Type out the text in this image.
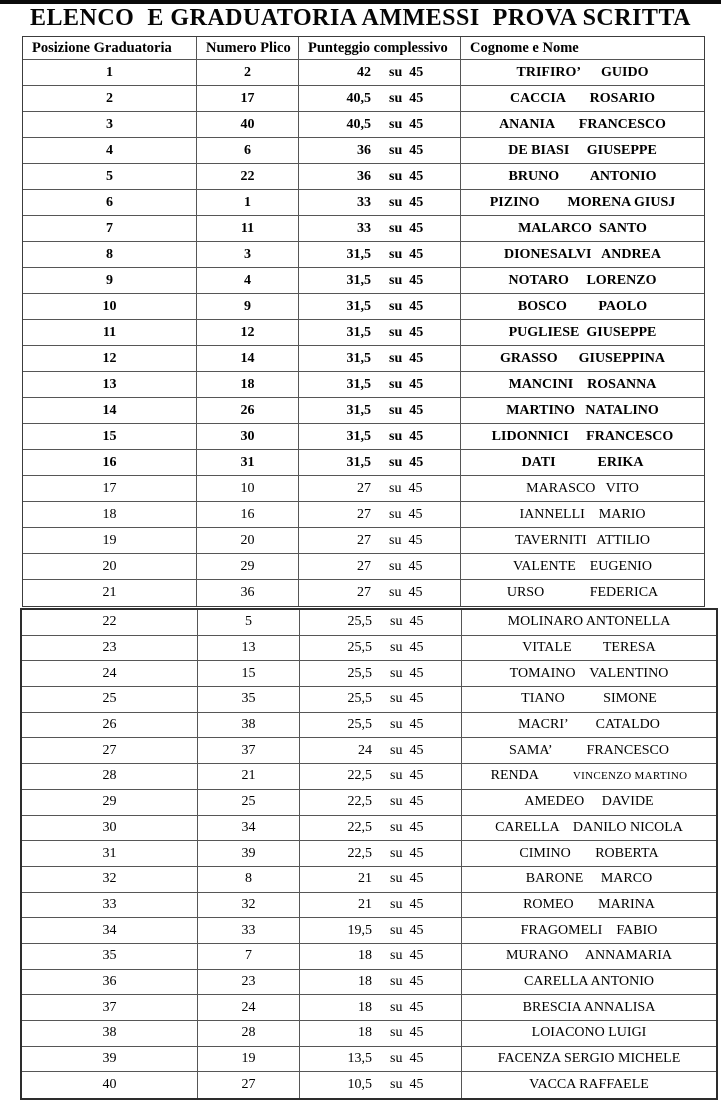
ELENCO  E GRADUATORIA AMMESSI  PROVA SCRITTA
Posizione Graduatoria	Numero Plico	Punteggio complessivo	Cognome e Nome
1	2	42 su  45	TRIFIRO’      GUIDO
2	17	40,5 su  45	CACCIA       ROSARIO
3	40	40,5 su  45	ANANIA       FRANCESCO
4	6	36 su  45	DE BIASI     GIUSEPPE
5	22	36 su  45	BRUNO         ANTONIO
6	1	33 su  45	PIZINO        MORENA GIUSJ
7	11	33 su  45	MALARCO  SANTO
8	3	31,5 su  45	DIONESALVI   ANDREA
9	4	31,5 su  45	NOTARO     LORENZO
10	9	31,5 su  45	BOSCO         PAOLO
11	12	31,5 su  45	PUGLIESE  GIUSEPPE
12	14	31,5 su  45	GRASSO      GIUSEPPINA
13	18	31,5 su  45	MANCINI    ROSANNA
14	26	31,5 su  45	MARTINO   NATALINO
15	30	31,5 su  45	LIDONNICI     FRANCESCO
16	31	31,5 su  45	DATI            ERIKA
17	10	27 su  45	MARASCO   VITO
18	16	27 su  45	IANNELLI    MARIO
19	20	27 su  45	TAVERNITI   ATTILIO
20	29	27 su  45	VALENTE    EUGENIO
21	36	27 su  45	URSO             FEDERICA
22	5	25,5 su  45	MOLINARO ANTONELLA
23	13	25,5 su  45	VITALE         TERESA
24	15	25,5 su  45	TOMAINO    VALENTINO
25	35	25,5 su  45	TIANO           SIMONE
26	38	25,5 su  45	MACRI’        CATALDO
27	37	24 su  45	SAMA’          FRANCESCO
28	21	22,5 su  45	RENDA	VINCENZO MARTINO
29	25	22,5 su  45	AMEDEO     DAVIDE
30	34	22,5 su  45	CARELLA    DANILO NICOLA
31	39	22,5 su  45	CIMINO       ROBERTA
32	8	21 su  45	BARONE     MARCO
33	32	21 su  45	ROMEO       MARINA
34	33	19,5 su  45	FRAGOMELI    FABIO
35	7	18 su  45	MURANO     ANNAMARIA
36	23	18 su  45	CARELLA ANTONIO
37	24	18 su  45	BRESCIA ANNALISA
38	28	18 su  45	LOIACONO LUIGI
39	19	13,5 su  45	FACENZA SERGIO MICHELE
40	27	10,5 su  45	VACCA RAFFAELE
